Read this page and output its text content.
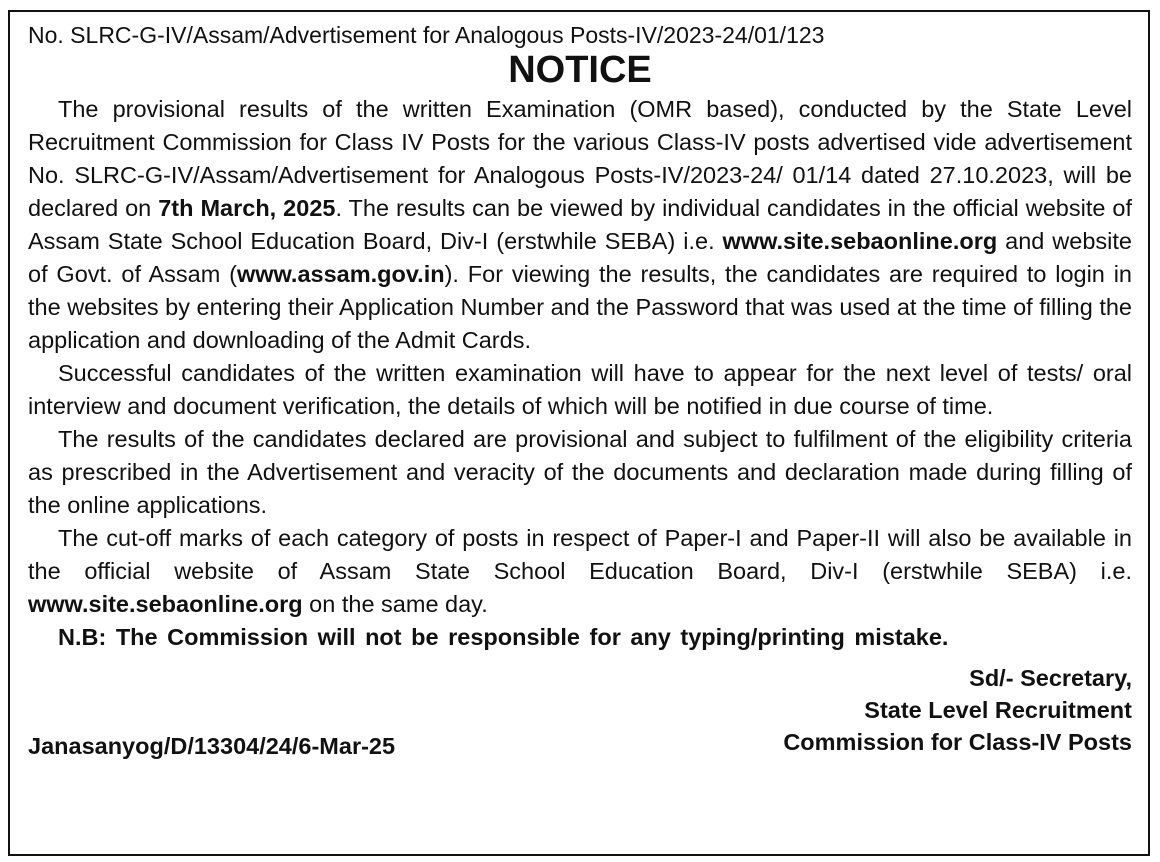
No. SLRC-G-IV/Assam/Advertisement for Analogous Posts-IV/2023-24/01/123

NOTICE

The provisional results of the written Examination (OMR based), conducted by the State Level Recruitment Commission for Class IV Posts for the various Class-IV posts advertised vide advertisement No. SLRC-G-IV/Assam/Advertisement for Analogous Posts-IV/2023-24/ 01/14 dated 27.10.2023, will be declared on 7th March, 2025. The results can be viewed by individual candidates in the official website of Assam State School Education Board, Div-I (erstwhile SEBA) i.e. www.site.sebaonline.org and website of Govt. of Assam (www.assam.gov.in). For viewing the results, the candidates are required to login in the websites by entering their Application Number and the Password that was used at the time of filling the application and downloading of the Admit Cards.

Successful candidates of the written examination will have to appear for the next level of tests/ oral interview and document verification, the details of which will be notified in due course of time.

The results of the candidates declared are provisional and subject to fulfilment of the eligibility criteria as prescribed in the Advertisement and veracity of the documents and declaration made during filling of the online applications.

The cut-off marks of each category of posts in respect of Paper-I and Paper-II will also be available in the official website of Assam State School Education Board, Div-I (erstwhile SEBA) i.e. www.site.sebaonline.org on the same day.

N.B: The Commission will not be responsible for any typing/printing mistake.

Sd/- Secretary,
State Level Recruitment
Commission for Class-IV Posts
Janasanyog/D/13304/24/6-Mar-25
